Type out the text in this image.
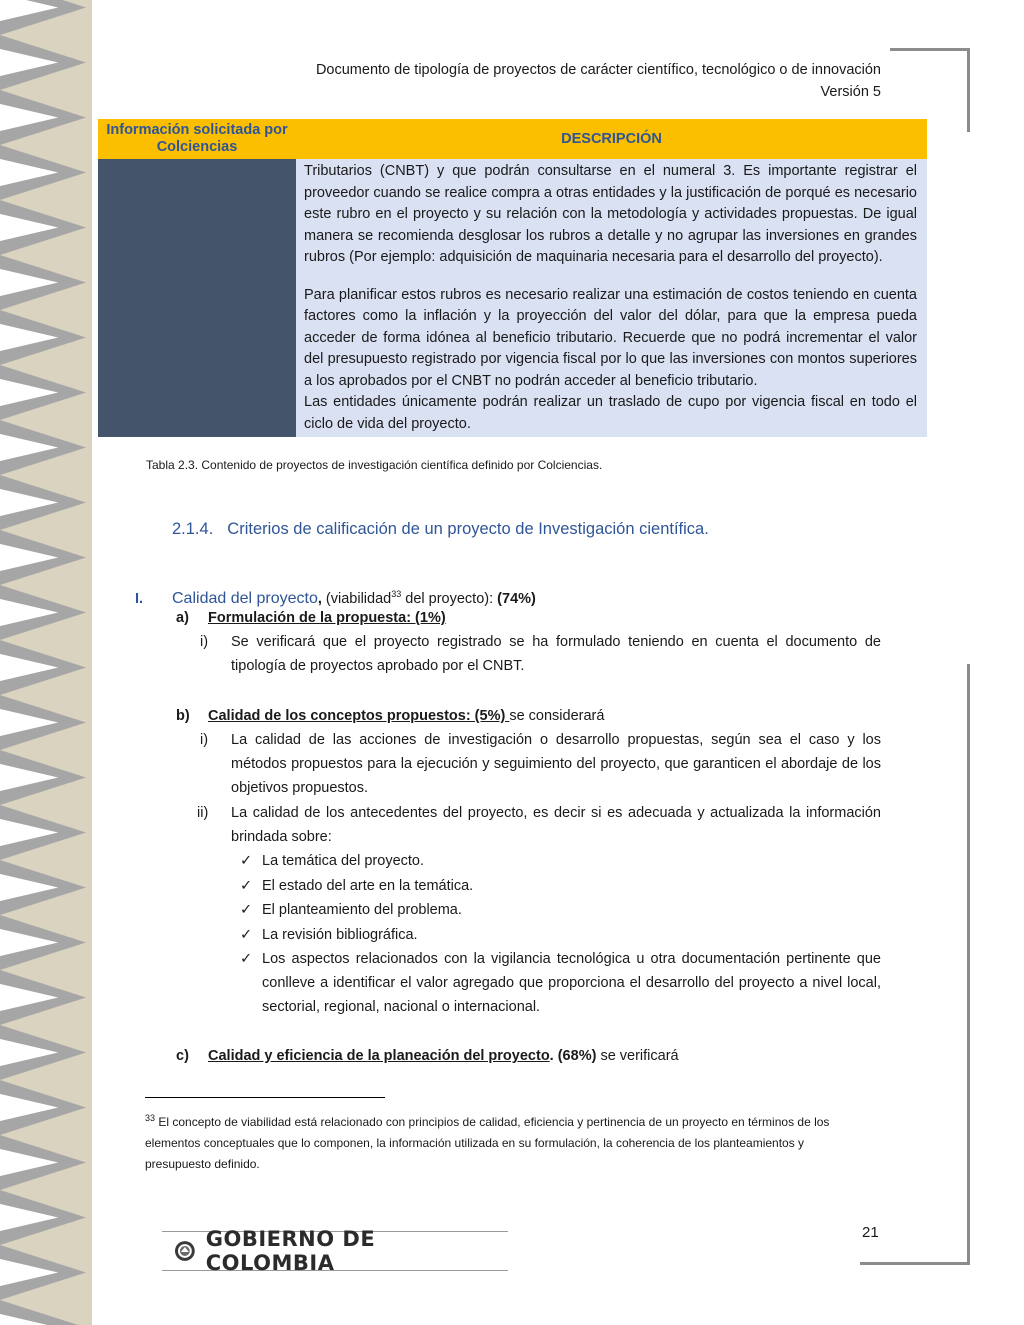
Documento de tipología de proyectos de carácter científico, tecnológico o de innovación
Versión 5
Información solicitada por Colciencias	DESCRIPCIÓN

	Tributarios (CNBT) y que podrán consultarse en el numeral 3. Es importante registrar el proveedor cuando se realice compra a otras entidades y la justificación de porqué es necesario este rubro en el proyecto y su relación con la metodología y actividades propuestas. De igual manera se recomienda desglosar los rubros a detalle y no agrupar las inversiones en grandes rubros (Por ejemplo: adquisición de maquinaria necesaria para el desarrollo del proyecto).

Para planificar estos rubros es necesario realizar una estimación de costos teniendo en cuenta factores como la inflación y la proyección del valor del dólar, para que la empresa pueda acceder de forma idónea al beneficio tributario. Recuerde que no podrá incrementar el valor del presupuesto registrado por vigencia fiscal por lo que las inversiones con montos superiores a los aprobados por el CNBT no podrán acceder al beneficio tributario.

Las entidades únicamente podrán realizar un traslado de cupo por vigencia fiscal en todo el ciclo de vida del proyecto.

Tabla 2.3. Contenido de proyectos de investigación científica definido por Colciencias.
2.1.4. Criterios de calificación de un proyecto de Investigación científica.
I. Calidad del proyecto, (viabilidad$^{33}$ del proyecto): (74%)
a) Formulación de la propuesta: (1%)
i) Se verificará que el proyecto registrado se ha formulado teniendo en cuenta el documento de tipología de proyectos aprobado por el CNBT.
b) Calidad de los conceptos propuestos: (5%) se considerará
i) La calidad de las acciones de investigación o desarrollo propuestas, según sea el caso y los métodos propuestos para la ejecución y seguimiento del proyecto, que garanticen el abordaje de los objetivos propuestos.
ii) La calidad de los antecedentes del proyecto, es decir si es adecuada y actualizada la información brindada sobre:
✓ La temática del proyecto.
✓ El estado del arte en la temática.
✓ El planteamiento del problema.
✓ La revisión bibliográfica.
✓ Los aspectos relacionados con la vigilancia tecnológica u otra documentación pertinente que conlleve a identificar el valor agregado que proporciona el desarrollo del proyecto a nivel local, sectorial, regional, nacional o internacional.
c) Calidad y eficiencia de la planeación del proyecto. (68%) se verificará
$^{33}$ El concepto de viabilidad está relacionado con principios de calidad, eficiencia y pertinencia de un proyecto en términos de los elementos conceptuales que lo componen, la información utilizada en su formulación, la coherencia de los planteamientos y presupuesto definido.
21
GOBIERNO DE COLOMBIA
